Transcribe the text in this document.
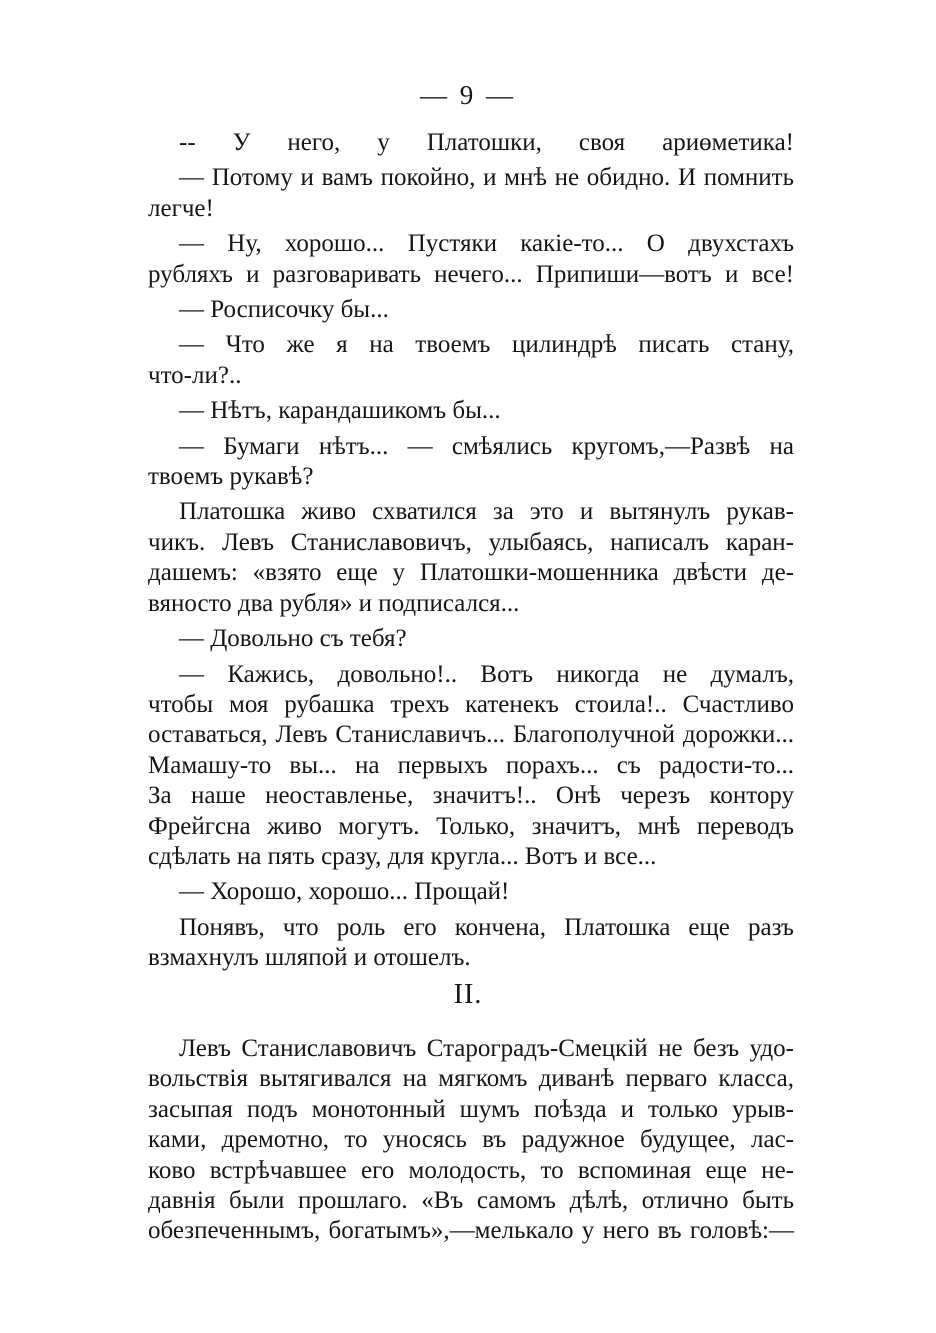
— 9 —
-- У него, у Платошки, своя ариөметика!
— Потому и вамъ покойно, и мнѣ не обидно. И помнить
легче!
— Ну, хорошо... Пустяки какіе-то... О двухстахъ
рубляхъ и разговаривать нечего... Припиши—вотъ и все!
— Росписочку бы...
— Что же я на твоемъ цилиндрѣ писать стану,
что-ли?..
— Нѣтъ, карандашикомъ бы...
— Бумаги нѣтъ... — смѣялись кругомъ,—Развѣ на
твоемъ рукавѣ?
Платошка живо схватился за это и вытянулъ рукав-
чикъ. Левъ Станиславовичъ, улыбаясь, написалъ каран-
дашемъ: «взято еще у Платошки-мошенника двѣсти де-
вяносто два рубля» и подписался...
— Довольно съ тебя?
— Кажись, довольно!.. Вотъ никогда не думалъ,
чтобы моя рубашка трехъ катенекъ стоила!.. Счастливо
оставаться, Левъ Станиславичъ... Благополучной дорожки...
Мамашу-то вы... на первыхъ порахъ... съ радости-то...
За наше неоставленье, значитъ!.. Онѣ черезъ контору
Фрейгсна живо могутъ. Только, значитъ, мнѣ переводъ
сдѣлать на пять сразу, для кругла... Вотъ и все...
— Хорошо, хорошо... Прощай!
Понявъ, что роль его кончена, Платошка еще разъ
взмахнулъ шляпой и отошелъ.
II.
Левъ Станиславовичъ Староградъ-Смецкій не безъ удо-
вольствія вытягивался на мягкомъ диванѣ перваго класса,
засыпая подъ монотонный шумъ поѣзда и только урыв-
ками, дремотно, то уносясь въ радужное будущее, лас-
ково встрѣчавшее его молодость, то вспоминая еще не-
давнія были прошлаго. «Въ самомъ дѣлѣ, отлично быть
обезпеченнымъ, богатымъ»,—мелькало у него въ головѣ:—
